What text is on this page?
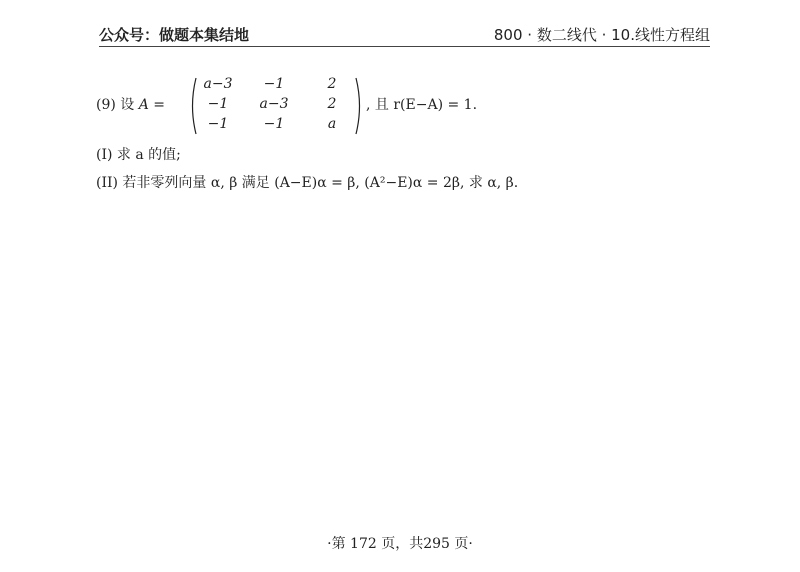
公众号：做题本集结地	800 · 数二线代 · 10.线性方程组
(9) 设 A =
a−3	−1	2
−1	a−3	2
−1	−1	a
, 且 r(E−A) = 1.
(I) 求 a 的值;
(II) 若非零列向量 α, β 满足 (A−E)α = β, (A²−E)α = 2β, 求 α, β.
·第 172 页，共295 页·
